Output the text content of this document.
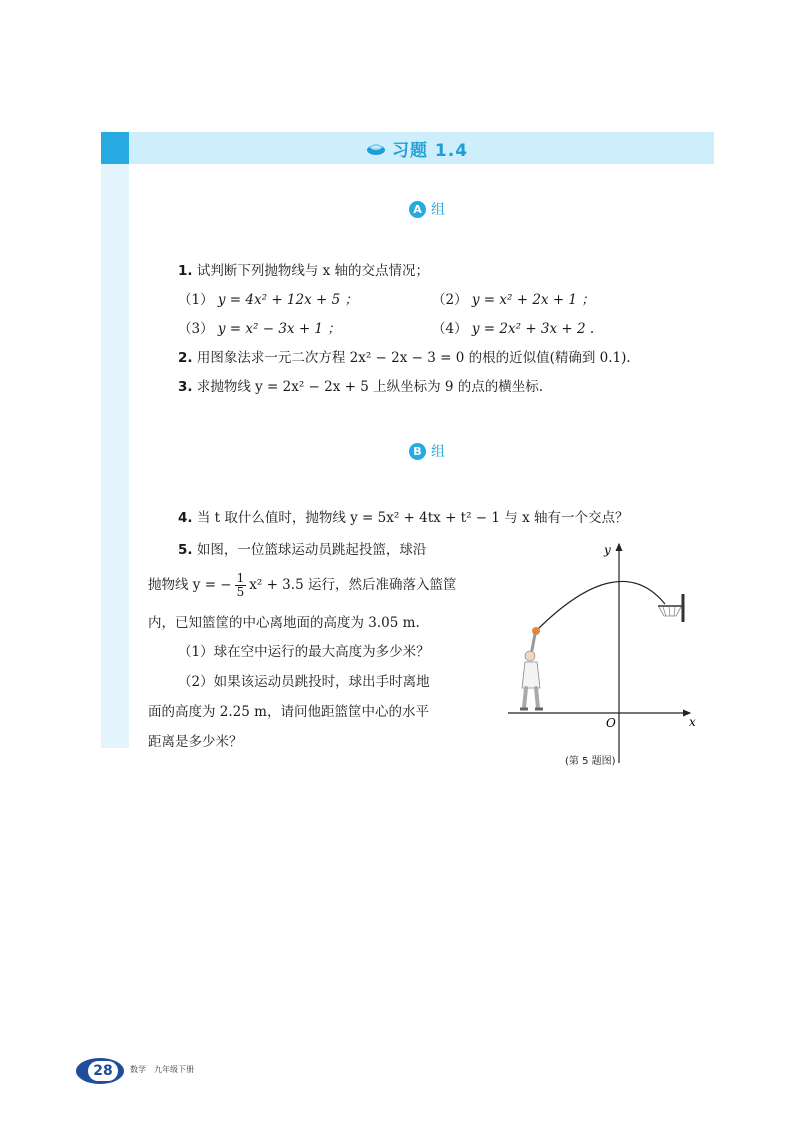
习题 1.4
A 组
1. 试判断下列抛物线与 x 轴的交点情况；
（1） y = 4x² + 12x + 5 ；	（2） y = x² + 2x + 1 ；
（3） y = x² − 3x + 1 ；	（4） y = 2x² + 3x + 2 .
2. 用图象法求一元二次方程 2x² − 2x − 3 = 0 的根的近似值(精确到 0.1).
3. 求抛物线 y = 2x² − 2x + 5 上纵坐标为 9 的点的横坐标.
B 组
4. 当 t 取什么值时，抛物线 y = 5x² + 4tx + t² − 1 与 x 轴有一个交点？
5. 如图，一位篮球运动员跳起投篮，球沿
抛物线 y = − $\frac{1}{5} x^2 + 3.5$ 运行，然后准确落入篮筐
内，已知篮筐的中心离地面的高度为 3.05 m.
（1）球在空中运行的最大高度为多少米？
（2）如果该运动员跳投时，球出手时离地
面的高度为 2.25 m，请问他距篮筐中心的水平
距离是多少米？
y
x
O
(第 5 题图)
28	数学　九年级下册
